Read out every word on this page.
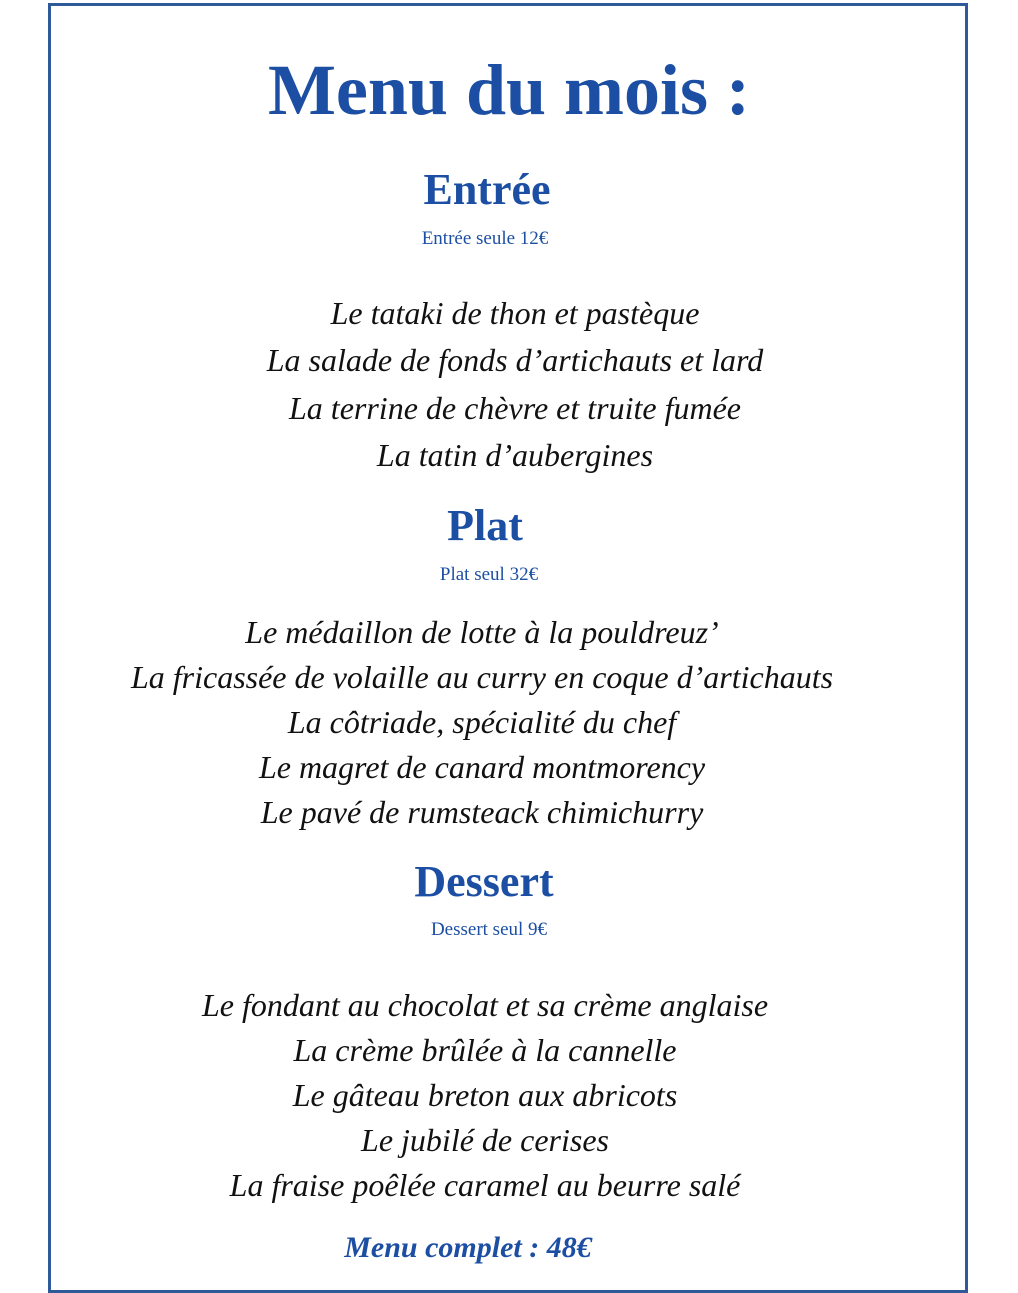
Menu du mois :
Entrée
Entrée seule 12€
Le tataki de thon et pastèque
La salade de fonds d’artichauts et lard
La terrine de chèvre et truite fumée
La tatin d’aubergines
Plat
Plat seul 32€
Le médaillon de lotte à la pouldreuz’
La fricassée de volaille au curry en coque d’artichauts
La côtriade, spécialité du chef
Le magret de canard montmorency
Le pavé de rumsteack chimichurry
Dessert
Dessert seul 9€
Le fondant au chocolat et sa crème anglaise
La crème brûlée à la cannelle
Le gâteau breton aux abricots
Le jubilé de cerises
La fraise poêlée caramel au beurre salé
Menu complet : 48€
